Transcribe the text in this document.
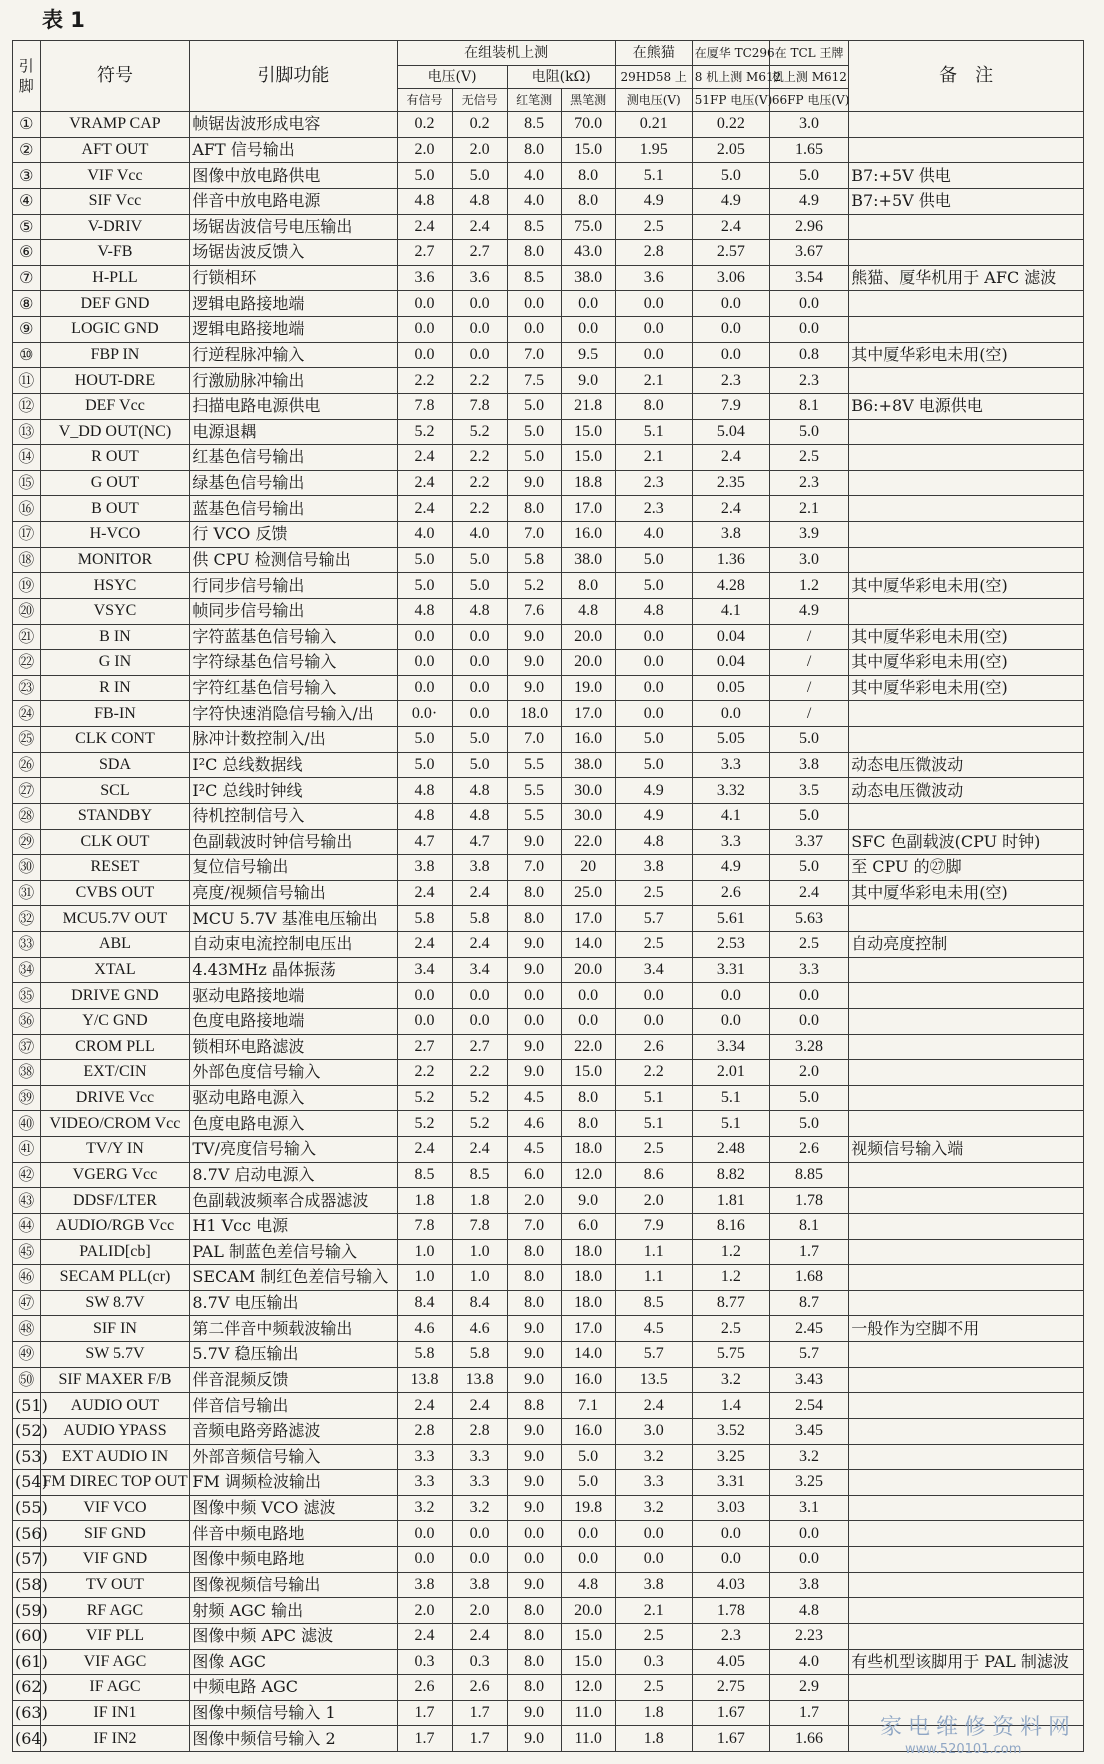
表 1
引脚	符号	引脚功能	在组装机上测				在熊猫	在厦华 TC296	在 TCL 王牌	备　注
			电压(V)		电阻(kΩ)		29HD58 上	8 机上测 M612	机上测 M612	
			有信号	无信号	红笔测	黑笔测	测电压(V)	51FP 电压(V)	66FP 电压(V)	
①	VRAMP CAP	帧锯齿波形成电容	0.2	0.2	8.5	70.0	0.21	0.22	3.0	
②	AFT OUT	AFT 信号输出	2.0	2.0	8.0	15.0	1.95	2.05	1.65	
③	VIF Vcc	图像中放电路供电	5.0	5.0	4.0	8.0	5.1	5.0	5.0	B7:+5V 供电
④	SIF Vcc	伴音中放电路电源	4.8	4.8	4.0	8.0	4.9	4.9	4.9	B7:+5V 供电
⑤	V-DRIV	场锯齿波信号电压输出	2.4	2.4	8.5	75.0	2.5	2.4	2.96	
⑥	V-FB	场锯齿波反馈入	2.7	2.7	8.0	43.0	2.8	2.57	3.67	
⑦	H-PLL	行锁相环	3.6	3.6	8.5	38.0	3.6	3.06	3.54	熊猫、厦华机用于 AFC 滤波
⑧	DEF GND	逻辑电路接地端	0.0	0.0	0.0	0.0	0.0	0.0	0.0	
⑨	LOGIC GND	逻辑电路接地端	0.0	0.0	0.0	0.0	0.0	0.0	0.0	
⑩	FBP IN	行逆程脉冲输入	0.0	0.0	7.0	9.5	0.0	0.0	0.8	其中厦华彩电未用(空)
⑪	HOUT-DRE	行激励脉冲输出	2.2	2.2	7.5	9.0	2.1	2.3	2.3	
⑫	DEF Vcc	扫描电路电源供电	7.8	7.8	5.0	21.8	8.0	7.9	8.1	B6:+8V 电源供电
⑬	V_DD OUT(NC)	电源退耦	5.2	5.2	5.0	15.0	5.1	5.04	5.0	
⑭	R OUT	红基色信号输出	2.4	2.2	5.0	15.0	2.1	2.4	2.5	
⑮	G OUT	绿基色信号输出	2.4	2.2	9.0	18.8	2.3	2.35	2.3	
⑯	B OUT	蓝基色信号输出	2.4	2.2	8.0	17.0	2.3	2.4	2.1	
⑰	H-VCO	行 VCO 反馈	4.0	4.0	7.0	16.0	4.0	3.8	3.9	
⑱	MONITOR	供 CPU 检测信号输出	5.0	5.0	5.8	38.0	5.0	1.36	3.0	
⑲	HSYC	行同步信号输出	5.0	5.0	5.2	8.0	5.0	4.28	1.2	其中厦华彩电未用(空)
⑳	VSYC	帧同步信号输出	4.8	4.8	7.6	4.8	4.8	4.1	4.9	
㉑	B IN	字符蓝基色信号输入	0.0	0.0	9.0	20.0	0.0	0.04	/	其中厦华彩电未用(空)
㉒	G IN	字符绿基色信号输入	0.0	0.0	9.0	20.0	0.0	0.04	/	其中厦华彩电未用(空)
㉓	R IN	字符红基色信号输入	0.0	0.0	9.0	19.0	0.0	0.05	/	其中厦华彩电未用(空)
㉔	FB-IN	字符快速消隐信号输入/出	0.0·	0.0	18.0	17.0	0.0	0.0	/	
㉕	CLK CONT	脉冲计数控制入/出	5.0	5.0	7.0	16.0	5.0	5.05	5.0	
㉖	SDA	I²C 总线数据线	5.0	5.0	5.5	38.0	5.0	3.3	3.8	动态电压微波动
㉗	SCL	I²C 总线时钟线	4.8	4.8	5.5	30.0	4.9	3.32	3.5	动态电压微波动
㉘	STANDBY	待机控制信号入	4.8	4.8	5.5	30.0	4.9	4.1	5.0	
㉙	CLK OUT	色副载波时钟信号输出	4.7	4.7	9.0	22.0	4.8	3.3	3.37	SFC 色副载波(CPU 时钟)
㉚	RESET	复位信号输出	3.8	3.8	7.0	20	3.8	4.9	5.0	至 CPU 的㉗脚
㉛	CVBS OUT	亮度/视频信号输出	2.4	2.4	8.0	25.0	2.5	2.6	2.4	其中厦华彩电未用(空)
㉜	MCU5.7V OUT	MCU 5.7V 基准电压输出	5.8	5.8	8.0	17.0	5.7	5.61	5.63	
㉝	ABL	自动束电流控制电压出	2.4	2.4	9.0	14.0	2.5	2.53	2.5	自动亮度控制
㉞	XTAL	4.43MHz 晶体振荡	3.4	3.4	9.0	20.0	3.4	3.31	3.3	
㉟	DRIVE GND	驱动电路接地端	0.0	0.0	0.0	0.0	0.0	0.0	0.0	
㊱	Y/C GND	色度电路接地端	0.0	0.0	0.0	0.0	0.0	0.0	0.0	
㊲	CROM PLL	锁相环电路滤波	2.7	2.7	9.0	22.0	2.6	3.34	3.28	
㊳	EXT/CIN	外部色度信号输入	2.2	2.2	9.0	15.0	2.2	2.01	2.0	
㊴	DRIVE Vcc	驱动电路电源入	5.2	5.2	4.5	8.0	5.1	5.1	5.0	
㊵	VIDEO/CROM Vcc	色度电路电源入	5.2	5.2	4.6	8.0	5.1	5.1	5.0	
㊶	TV/Y IN	TV/亮度信号输入	2.4	2.4	4.5	18.0	2.5	2.48	2.6	视频信号输入端
㊷	VGERG Vcc	8.7V 启动电源入	8.5	8.5	6.0	12.0	8.6	8.82	8.85	
㊸	DDSF/LTER	色副载波频率合成器滤波	1.8	1.8	2.0	9.0	2.0	1.81	1.78	
㊹	AUDIO/RGB Vcc	H1 Vcc 电源	7.8	7.8	7.0	6.0	7.9	8.16	8.1	
㊺	PALID[cb]	PAL 制蓝色差信号输入	1.0	1.0	8.0	18.0	1.1	1.2	1.7	
㊻	SECAM PLL(cr)	SECAM 制红色差信号输入	1.0	1.0	8.0	18.0	1.1	1.2	1.68	
㊼	SW 8.7V	8.7V 电压输出	8.4	8.4	8.0	18.0	8.5	8.77	8.7	
㊽	SIF IN	第二伴音中频载波输出	4.6	4.6	9.0	17.0	4.5	2.5	2.45	一般作为空脚不用
㊾	SW 5.7V	5.7V 稳压输出	5.8	5.8	9.0	14.0	5.7	5.75	5.7	
㊿	SIF MAXER F/B	伴音混频反馈	13.8	13.8	9.0	16.0	13.5	3.2	3.43	
(51)	AUDIO OUT	伴音信号输出	2.4	2.4	8.8	7.1	2.4	1.4	2.54	
(52)	AUDIO YPASS	音频电路旁路滤波	2.8	2.8	9.0	16.0	3.0	3.52	3.45	
(53)	EXT AUDIO IN	外部音频信号输入	3.3	3.3	9.0	5.0	3.2	3.25	3.2	
(54)	FM DIREC TOP OUT	FM 调频检波输出	3.3	3.3	9.0	5.0	3.3	3.31	3.25	
(55)	VIF VCO	图像中频 VCO 滤波	3.2	3.2	9.0	19.8	3.2	3.03	3.1	
(56)	SIF GND	伴音中频电路地	0.0	0.0	0.0	0.0	0.0	0.0	0.0	
(57)	VIF GND	图像中频电路地	0.0	0.0	0.0	0.0	0.0	0.0	0.0	
(58)	TV OUT	图像视频信号输出	3.8	3.8	9.0	4.8	3.8	4.03	3.8	
(59)	RF AGC	射频 AGC 输出	2.0	2.0	8.0	20.0	2.1	1.78	4.8	
(60)	VIF PLL	图像中频 APC 滤波	2.4	2.4	8.0	15.0	2.5	2.3	2.23	
(61)	VIF AGC	图像 AGC	0.3	0.3	8.0	15.0	0.3	4.05	4.0	有些机型该脚用于 PAL 制滤波
(62)	IF AGC	中频电路 AGC	2.6	2.6	8.0	12.0	2.5	2.75	2.9	
(63)	IF IN1	图像中频信号输入 1	1.7	1.7	9.0	11.0	1.8	1.67	1.7	
(64)	IF IN2	图像中频信号输入 2	1.7	1.7	9.0	11.0	1.8	1.67	1.66		家电维修资料网
www.520101.com
